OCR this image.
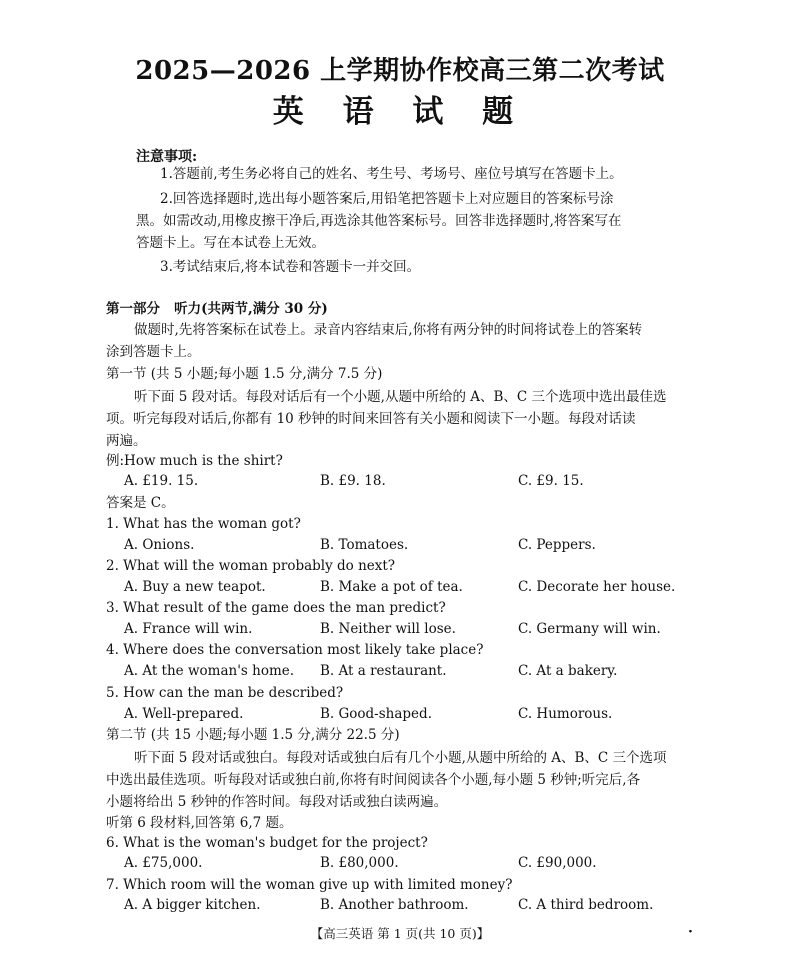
2025—2026 上学期协作校高三第二次考试
英 语 试 题
注意事项:
1.答题前,考生务必将自己的姓名、考生号、考场号、座位号填写在答题卡上。
2.回答选择题时,选出每小题答案后,用铅笔把答题卡上对应题目的答案标号涂
黑。如需改动,用橡皮擦干净后,再选涂其他答案标号。回答非选择题时,将答案写在
答题卡上。写在本试卷上无效。
3.考试结束后,将本试卷和答题卡一并交回。
第一部分 听力(共两节,满分 30 分)
做题时,先将答案标在试卷上。录音内容结束后,你将有两分钟的时间将试卷上的答案转
涂到答题卡上。
第一节 (共 5 小题;每小题 1.5 分,满分 7.5 分)
听下面 5 段对话。每段对话后有一个小题,从题中所给的 A、B、C 三个选项中选出最佳选
项。听完每段对话后,你都有 10 秒钟的时间来回答有关小题和阅读下一小题。每段对话读
两遍。
例:How much is the shirt?
A. £19. 15.	B. £9. 18.	C. £9. 15.
答案是 C。
1. What has the woman got?
A. Onions.	B. Tomatoes.	C. Peppers.
2. What will the woman probably do next?
A. Buy a new teapot.	B. Make a pot of tea.	C. Decorate her house.
3. What result of the game does the man predict?
A. France will win.	B. Neither will lose.	C. Germany will win.
4. Where does the conversation most likely take place?
A. At the woman's home. B. At a restaurant.	C. At a bakery.
5. How can the man be described?
A. Well-prepared.	B. Good-shaped.	C. Humorous.
第二节 (共 15 小题;每小题 1.5 分,满分 22.5 分)
听下面 5 段对话或独白。每段对话或独白后有几个小题,从题中所给的 A、B、C 三个选项
中选出最佳选项。听每段对话或独白前,你将有时间阅读各个小题,每小题 5 秒钟;听完后,各
小题将给出 5 秒钟的作答时间。每段对话或独白读两遍。
听第 6 段材料,回答第 6,7 题。
6. What is the woman's budget for the project?
A. £75,000.	B. £80,000.	C. £90,000.
7. Which room will the woman give up with limited money?
A. A bigger kitchen.	B. Another bathroom.	C. A third bedroom.
【高三英语 第 1 页(共 10 页)】	·
